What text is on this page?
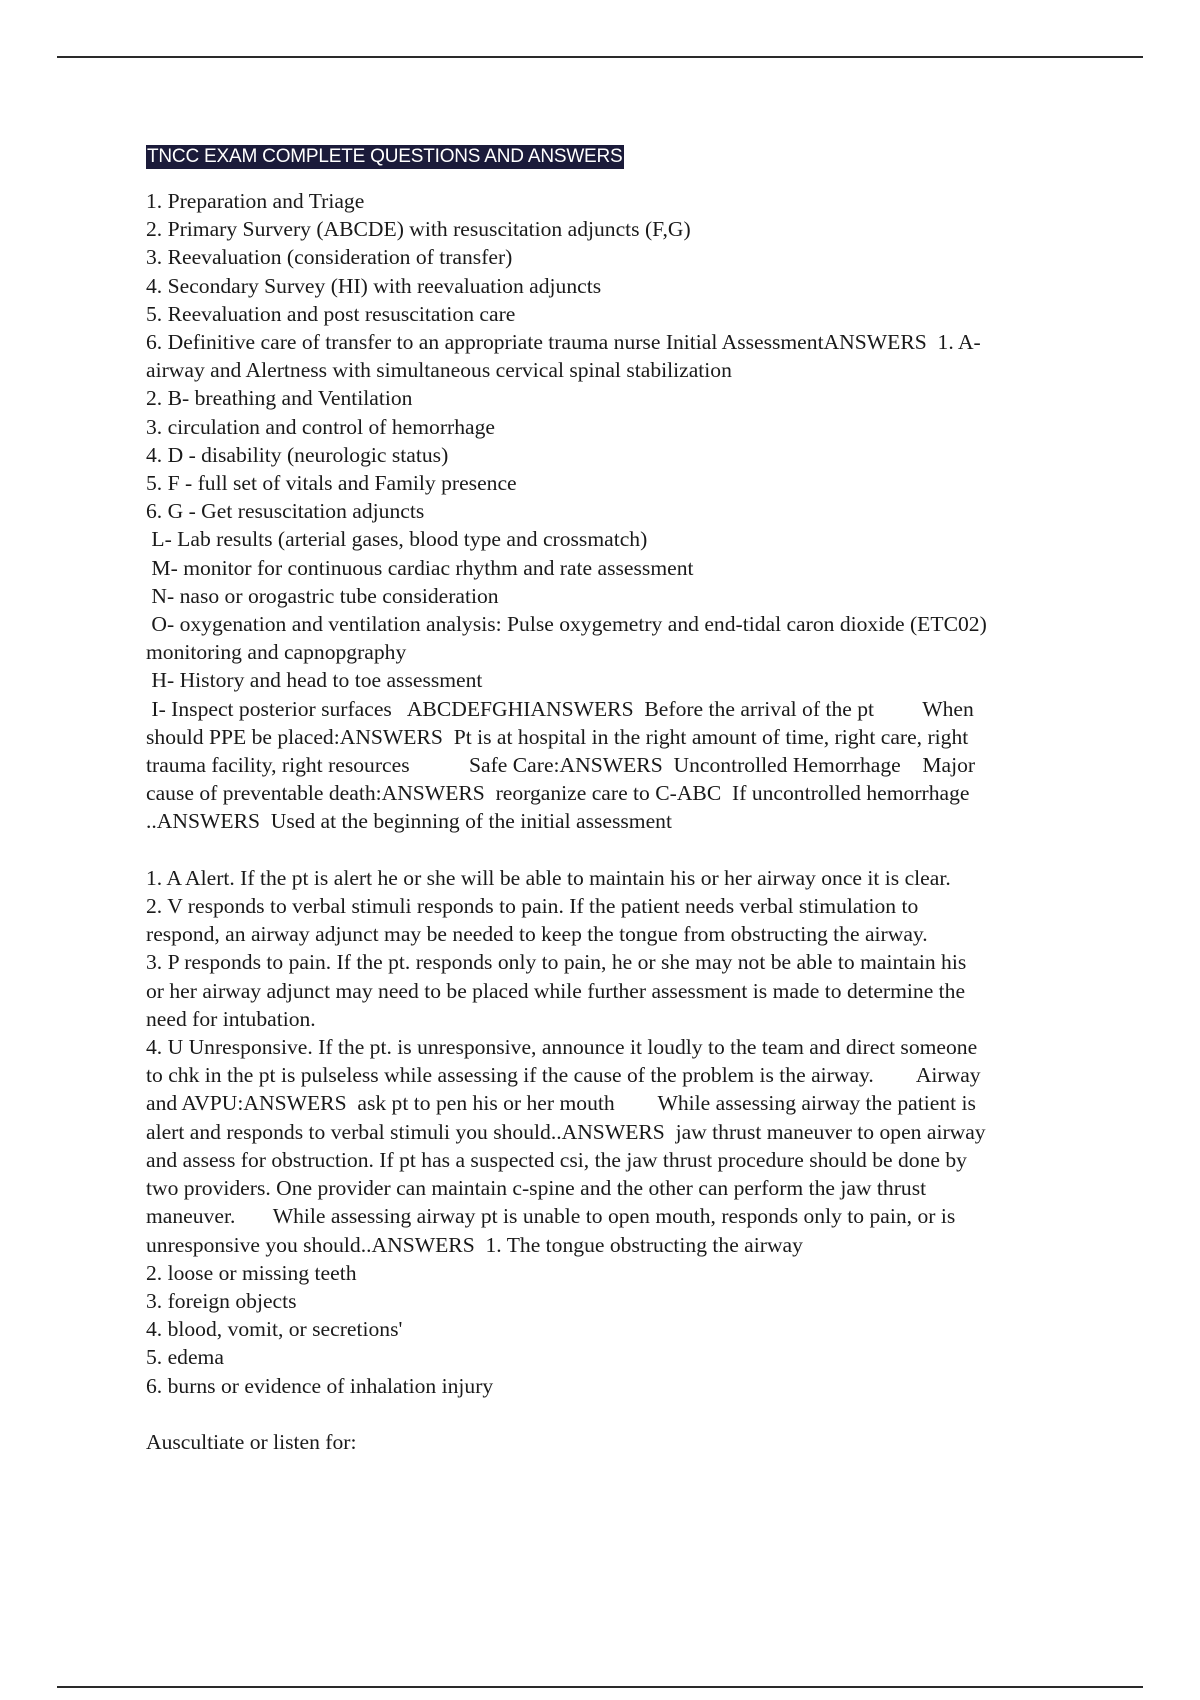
TNCC EXAM COMPLETE QUESTIONS AND ANSWERS
1. Preparation and Triage
2. Primary Survery (ABCDE) with resuscitation adjuncts (F,G)
3. Reevaluation (consideration of transfer)
4. Secondary Survey (HI) with reevaluation adjuncts
5. Reevaluation and post resuscitation care
6. Definitive care of transfer to an appropriate trauma nurse Initial AssessmentANSWERS  1. A-
airway and Alertness with simultaneous cervical spinal stabilization
2. B- breathing and Ventilation
3. circulation and control of hemorrhage
4. D - disability (neurologic status)
5. F - full set of vitals and Family presence
6. G - Get resuscitation adjuncts
L- Lab results (arterial gases, blood type and crossmatch)
M- monitor for continuous cardiac rhythm and rate assessment
N- naso or orogastric tube consideration
O- oxygenation and ventilation analysis: Pulse oxygemetry and end-tidal caron dioxide (ETC02)
monitoring and capnopgraphy
H- History and head to toe assessment
I- Inspect posterior surfaces   ABCDEFGHIANSWERS  Before the arrival of the pt         When
should PPE be placed:ANSWERS  Pt is at hospital in the right amount of time, right care, right
trauma facility, right resources           Safe Care:ANSWERS  Uncontrolled Hemorrhage    Major
cause of preventable death:ANSWERS  reorganize care to C-ABC  If uncontrolled hemorrhage
..ANSWERS  Used at the beginning of the initial assessment
1. A Alert. If the pt is alert he or she will be able to maintain his or her airway once it is clear.
2. V responds to verbal stimuli responds to pain. If the patient needs verbal stimulation to
respond, an airway adjunct may be needed to keep the tongue from obstructing the airway.
3. P responds to pain. If the pt. responds only to pain, he or she may not be able to maintain his
or her airway adjunct may need to be placed while further assessment is made to determine the
need for intubation.
4. U Unresponsive. If the pt. is unresponsive, announce it loudly to the team and direct someone
to chk in the pt is pulseless while assessing if the cause of the problem is the airway.        Airway
and AVPU:ANSWERS  ask pt to pen his or her mouth        While assessing airway the patient is
alert and responds to verbal stimuli you should..ANSWERS  jaw thrust maneuver to open airway
and assess for obstruction. If pt has a suspected csi, the jaw thrust procedure should be done by
two providers. One provider can maintain c-spine and the other can perform the jaw thrust
maneuver.       While assessing airway pt is unable to open mouth, responds only to pain, or is
unresponsive you should..ANSWERS  1. The tongue obstructing the airway
2. loose or missing teeth
3. foreign objects
4. blood, vomit, or secretions'
5. edema
6. burns or evidence of inhalation injury
Auscultiate or listen for:
